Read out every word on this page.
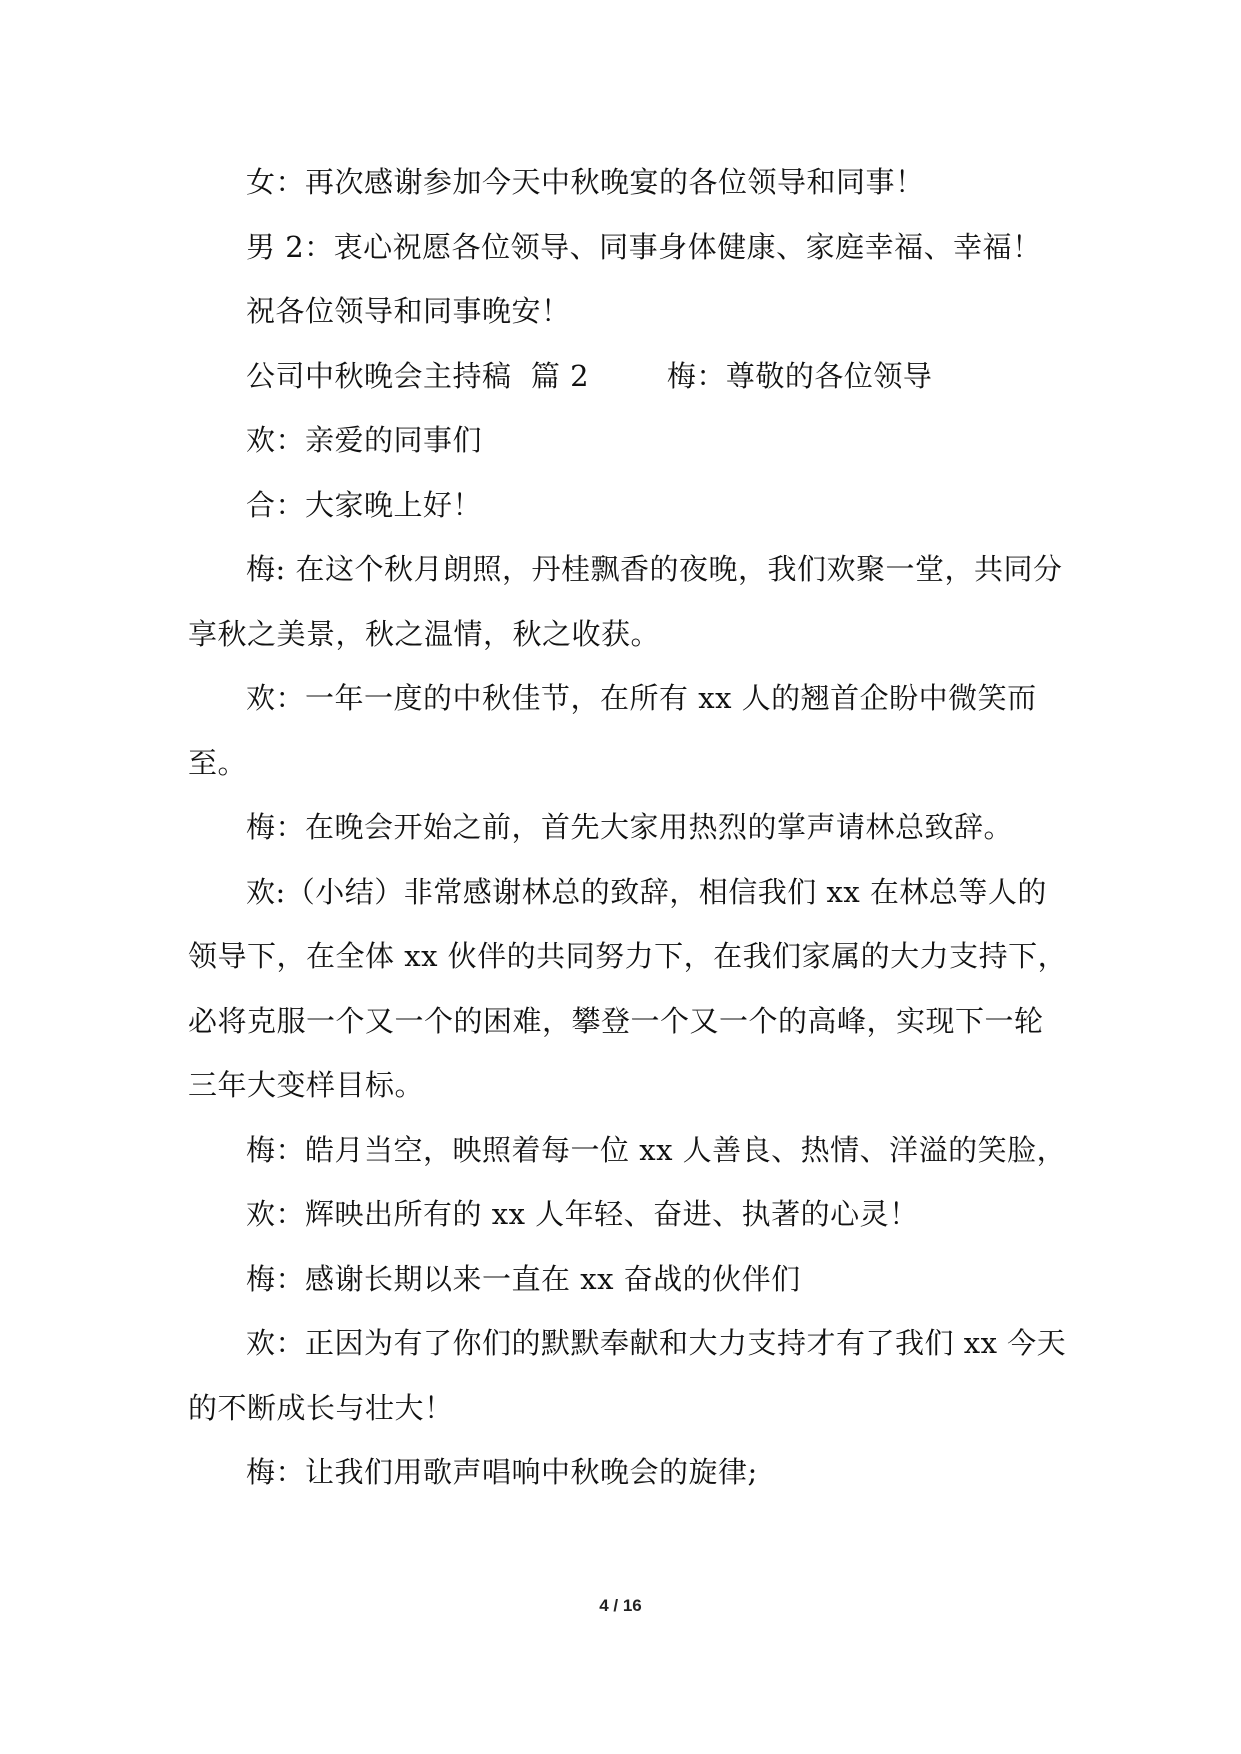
女：再次感谢参加今天中秋晚宴的各位领导和同事！

男 2：衷心祝愿各位领导、同事身体健康、家庭幸福、幸福！

祝各位领导和同事晚安！

公司中秋晚会主持稿  篇 2        梅：尊敬的各位领导

欢：亲爱的同事们

合：大家晚上好！

梅: 在这个秋月朗照，丹桂飘香的夜晚，我们欢聚一堂，共同分享秋之美景，秋之温情，秋之收获。

欢：一年一度的中秋佳节，在所有 xx 人的翘首企盼中微笑而至。

梅：在晚会开始之前，首先大家用热烈的掌声请林总致辞。

欢:（小结）非常感谢林总的致辞，相信我们 xx 在林总等人的领导下，在全体 xx 伙伴的共同努力下，在我们家属的大力支持下，必将克服一个又一个的困难，攀登一个又一个的高峰，实现下一轮三年大变样目标。

梅：皓月当空，映照着每一位 xx 人善良、热情、洋溢的笑脸，

欢：辉映出所有的 xx 人年轻、奋进、执著的心灵！

梅：感谢长期以来一直在 xx 奋战的伙伴们

欢：正因为有了你们的默默奉献和大力支持才有了我们 xx 今天的不断成长与壮大！

梅：让我们用歌声唱响中秋晚会的旋律;

4 / 16
